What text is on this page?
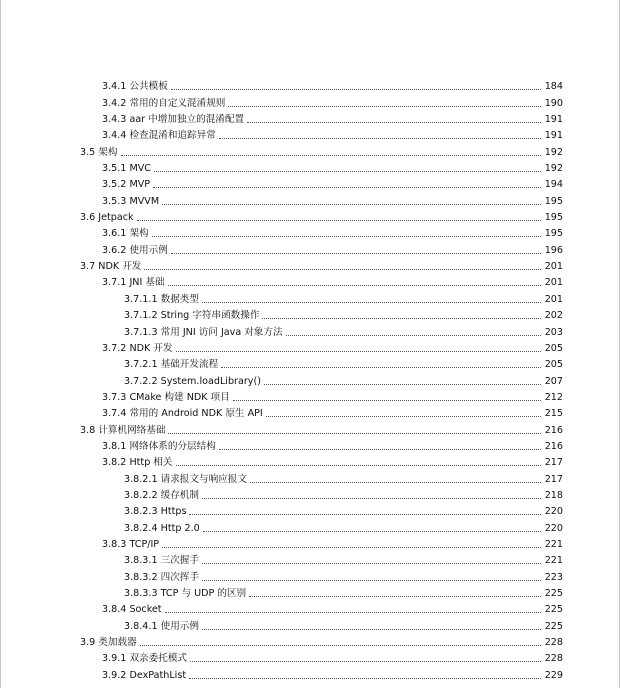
3.4.1 公共模板	184
3.4.2 常用的自定义混淆规则	190
3.4.3 aar 中增加独立的混淆配置	191
3.4.4 检查混淆和追踪异常	191
3.5 架构	192
3.5.1 MVC	192
3.5.2 MVP	194
3.5.3 MVVM	195
3.6 Jetpack	195
3.6.1 架构	195
3.6.2 使用示例	196
3.7 NDK 开发	201
3.7.1 JNI 基础	201
3.7.1.1 数据类型	201
3.7.1.2 String 字符串函数操作	202
3.7.1.3 常用 JNI 访问 Java 对象方法	203
3.7.2 NDK 开发	205
3.7.2.1 基础开发流程	205
3.7.2.2 System.loadLibrary()	207
3.7.3 CMake 构建 NDK 项目	212
3.7.4 常用的 Android NDK 原生 API	215
3.8 计算机网络基础	216
3.8.1 网络体系的分层结构	216
3.8.2 Http 相关	217
3.8.2.1 请求报文与响应报文	217
3.8.2.2 缓存机制	218
3.8.2.3 Https	220
3.8.2.4 Http 2.0	220
3.8.3 TCP/IP	221
3.8.3.1 三次握手	221
3.8.3.2 四次挥手	223
3.8.3.3 TCP 与 UDP 的区别	225
3.8.4 Socket	225
3.8.4.1 使用示例	225
3.9 类加载器	228
3.9.1 双亲委托模式	228
3.9.2 DexPathList	229
